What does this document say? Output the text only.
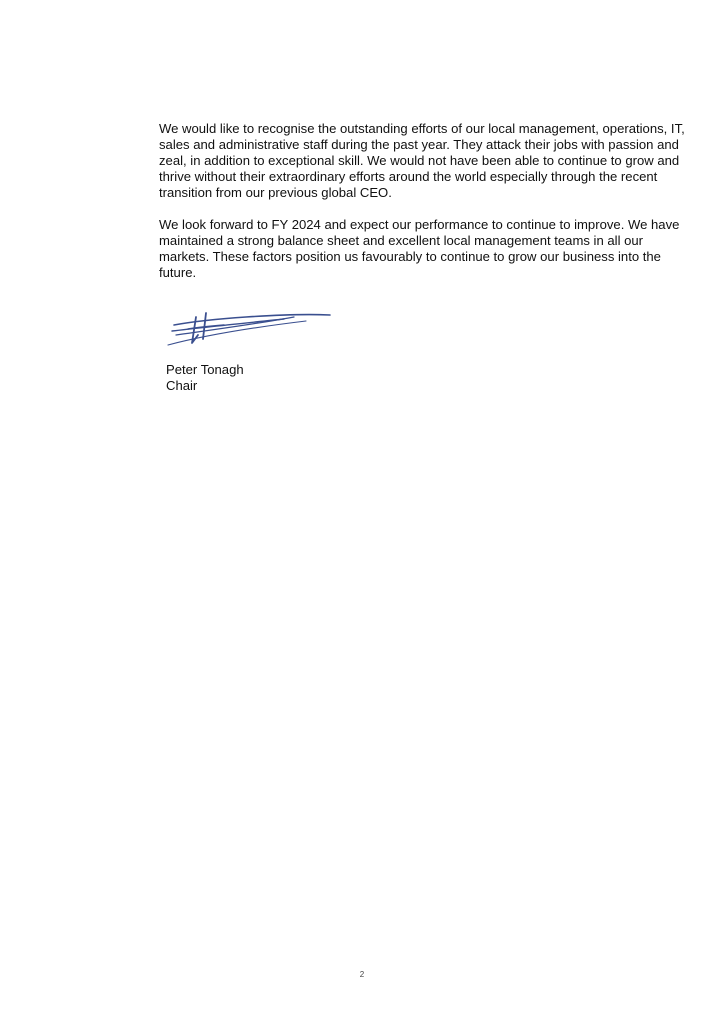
We would like to recognise the outstanding efforts of our local management, operations, IT, sales and administrative staff during the past year. They attack their jobs with passion and zeal, in addition to exceptional skill. We would not have been able to continue to grow and thrive without their extraordinary efforts around the world especially through the recent transition from our previous global CEO.

We look forward to FY 2024 and expect our performance to continue to improve. We have maintained a strong balance sheet and excellent local management teams in all our markets. These factors position us favourably to continue to grow our business into the future.

Peter Tonagh
Chair
2
